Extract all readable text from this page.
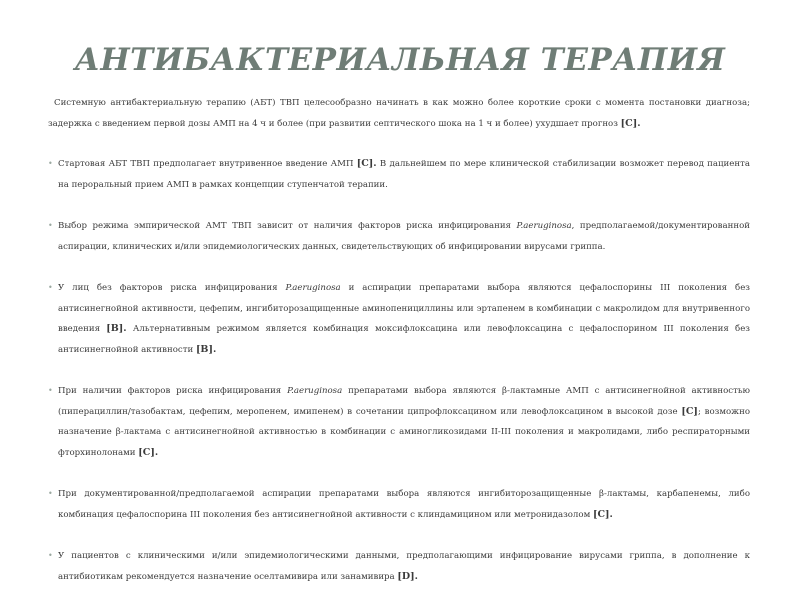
АНТИБАКТЕРИАЛЬНАЯ ТЕРАПИЯ

Системную антибактериальную терапию (АБТ) ТВП целесообразно начинать в как можно более короткие сроки с момента постановки диагноза; задержка с введением первой дозы АМП на 4 ч и более (при развитии септического шока на 1 ч и более) ухудшает прогноз [C].

• Стартовая АБТ ТВП предполагает внутривенное введение АМП [C]. В дальнейшем по мере клинической стабилизации возможет перевод пациента на пероральный прием АМП в рамках концепции ступенчатой терапии.
• Выбор режима эмпирической АМТ ТВП зависит от наличия факторов риска инфицирования P.aeruginosa, предполагаемой/документированной аспирации, клинических и/или эпидемиологических данных, свидетельствующих об инфицировании вирусами гриппа.
• У лиц без факторов риска инфицирования P.aeruginosa и аспирации препаратами выбора являются цефалоспорины III поколения без антисинегнойной активности, цефепим, ингибиторозащищенные аминопенициллины или эртапенем в комбинации с макролидом для внутривенного введения [B]. Альтернативным режимом является комбинация моксифлоксацина или левофлоксацина с цефалоспорином III поколения без антисинегнойной активности [B].
• При наличии факторов риска инфицирования P.aeruginosa препаратами выбора являются β-лактамные АМП с антисинегнойной активностью (пиперациллин/тазобактам, цефепим, меропенем, имипенем) в сочетании ципрофлоксацином или левофлоксацином в высокой дозе [C]; возможно назначение β-лактама с антисинегнойной активностью в комбинации с аминогликозидами II-III поколения и макролидами, либо респираторными фторхинолонами [C].
• При документированной/предполагаемой аспирации препаратами выбора являются ингибиторозащищенные β-лактамы, карбапенемы, либо комбинация цефалоспорина III поколения без антисинегнойной активности с клиндамицином или метронидазолом [C].
• У пациентов с клиническими и/или эпидемиологическими данными, предполагающими инфицирование вирусами гриппа, в дополнение к антибиотикам рекомендуется назначение оселтамивира или занамивира [D].
